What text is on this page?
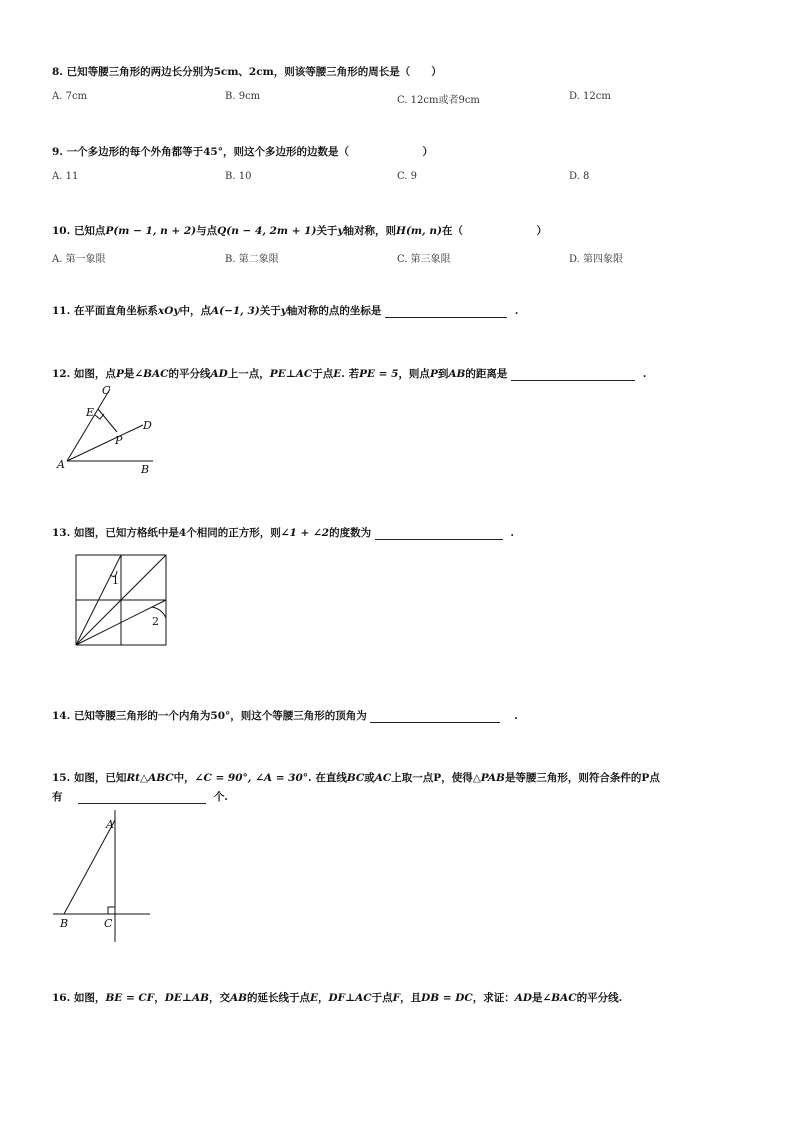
8. 已知等腰三角形的两边长分别为5cm、2cm，则该等腰三角形的周长是（　　）
A. 7cm	B. 9cm	C. 12cm或者9cm	D. 12cm
9. 一个多边形的每个外角都等于45°，则这个多边形的边数是（　　　　　　　）
A. 11	B. 10	C. 9	D. 8
10. 已知点P(m − 1, n + 2)与点Q(n − 4, 2m + 1)关于y轴对称，则H(m, n)在（　　　　　　　）
A. 第一象限	B. 第二象限	C. 第三象限	D. 第四象限
11. 在平面直角坐标系xOy中，点A(−1, 3)关于y轴对称的点的坐标是	.
12. 如图，点P是∠BAC的平分线AD上一点，PE⊥AC于点E. 若PE = 5，则点P到AB的距离是	.
C
E
D
P
A	B
13. 如图，已知方格纸中是4个相同的正方形，则∠1 + ∠2的度数为	.
1
2
14. 已知等腰三角形的一个内角为50°，则这个等腰三角形的顶角为	.
15. 如图，已知Rt△ABC中，∠C = 90°, ∠A = 30°. 在直线BC或AC上取一点P，使得△PAB是等腰三角形，则符合条件的P点
有	个.
A
B	C
16. 如图，BE = CF，DE⊥AB，交AB的延长线于点E，DF⊥AC于点F，且DB = DC，求证：AD是∠BAC的平分线.
